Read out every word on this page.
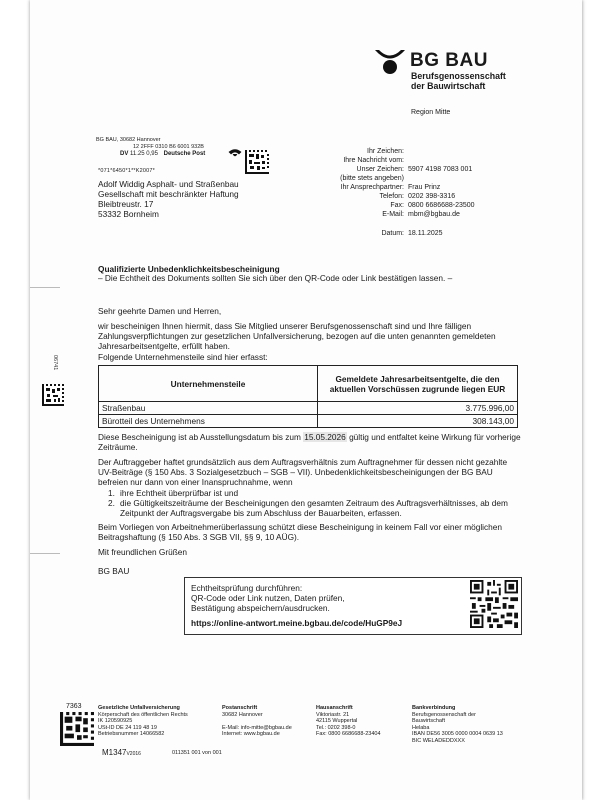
06741
BG BAU
Berufsgenossenschaft
der Bauwirtschaft
Region Mitte
BG BAU, 30682 Hannover
12 2FFF 0310 B6 6001 932B
DV 11.25 0,95 Deutsche Post
*071*6450*1**K2007*
Adolf Widdig Asphalt- und Straßenbau
Gesellschaft mit beschränkter Haftung
Bleibtreustr. 17
53332 Bornheim
Ihr Zeichen:
Ihre Nachricht vom:
Unser Zeichen: 5907 4198 7083 001
(bitte stets angeben)
Ihr Ansprechpartner: Frau Prinz
Telefon: 0202 398-3316
Fax: 0800 6686688-23500
E-Mail: mbm@bgbau.de
Datum: 18.11.2025
Qualifizierte Unbedenklichkeitsbescheinigung
– Die Echtheit des Dokuments sollten Sie sich über den QR-Code oder Link bestätigen lassen. –
Sehr geehrte Damen und Herren,
wir bescheinigen Ihnen hiermit, dass Sie Mitglied unserer Berufsgenossenschaft sind und Ihre fälligen Zahlungsverpflichtungen zur gesetzlichen Unfallversicherung, bezogen auf die unten genannten gemeldeten Jahresarbeitsentgelte, erfüllt haben.
Folgende Unternehmensteile sind hier erfasst:
Unternehmensteile	Gemeldete Jahresarbeitsentgelte, die den aktuellen Vorschüssen zugrunde liegen EUR
Straßenbau	3.775.996,00
Bürotteil des Unternehmens	308.143,00
Diese Bescheinigung ist ab Ausstellungsdatum bis zum 15.05.2026 gültig und entfaltet keine Wirkung für vorherige Zeiträume.
Der Auftraggeber haftet grundsätzlich aus dem Auftragsverhältnis zum Auftragnehmer für dessen nicht gezahlte UV-Beiträge (§ 150 Abs. 3 Sozialgesetzbuch – SGB – VII). Unbedenklichkeitsbescheinigungen der BG BAU befreien nur dann von einer Inanspruchnahme, wenn
1. ihre Echtheit überprüfbar ist und
2. die Gültigkeitszeiträume der Bescheinigungen den gesamten Zeitraum des Auftragsverhältnisses, ab dem Zeitpunkt der Auftragsvergabe bis zum Abschluss der Bauarbeiten, erfassen.
Beim Vorliegen von Arbeitnehmerüberlassung schützt diese Bescheinigung in keinem Fall vor einer möglichen Beitragshaftung (§ 150 Abs. 3 SGB VII, §§ 9, 10 AÜG).
Mit freundlichen Grüßen
BG BAU
Echtheitsprüfung durchführen:
QR-Code oder Link nutzen, Daten prüfen,
Bestätigung abspeichern/ausdrucken.
https://online-antwort.meine.bgbau.de/code/HuGP9eJ
7363	Gesetzliche Unfallversicherung
Körperschaft des öffentlichen Rechts
IK 120590925
USt-ID DE 24 119 48 19
Betriebsnummer 14066582
Postanschrift
30682 Hannover
E-Mail: info-mitte@bgbau.de
Internet: www.bgbau.de
Hausanschrift
Viktoriastr. 21
42115 Wuppertal
Tel.: 0202 398-0
Fax: 0800 6686688-23404
Bankverbindung
Berufsgenossenschaft der
Bauwirtschaft
Helaba
IBAN DE56 3005 0000 0004 0639 13
BIC WELADEDDXXX
M1347V2016	011351 001 von 001
